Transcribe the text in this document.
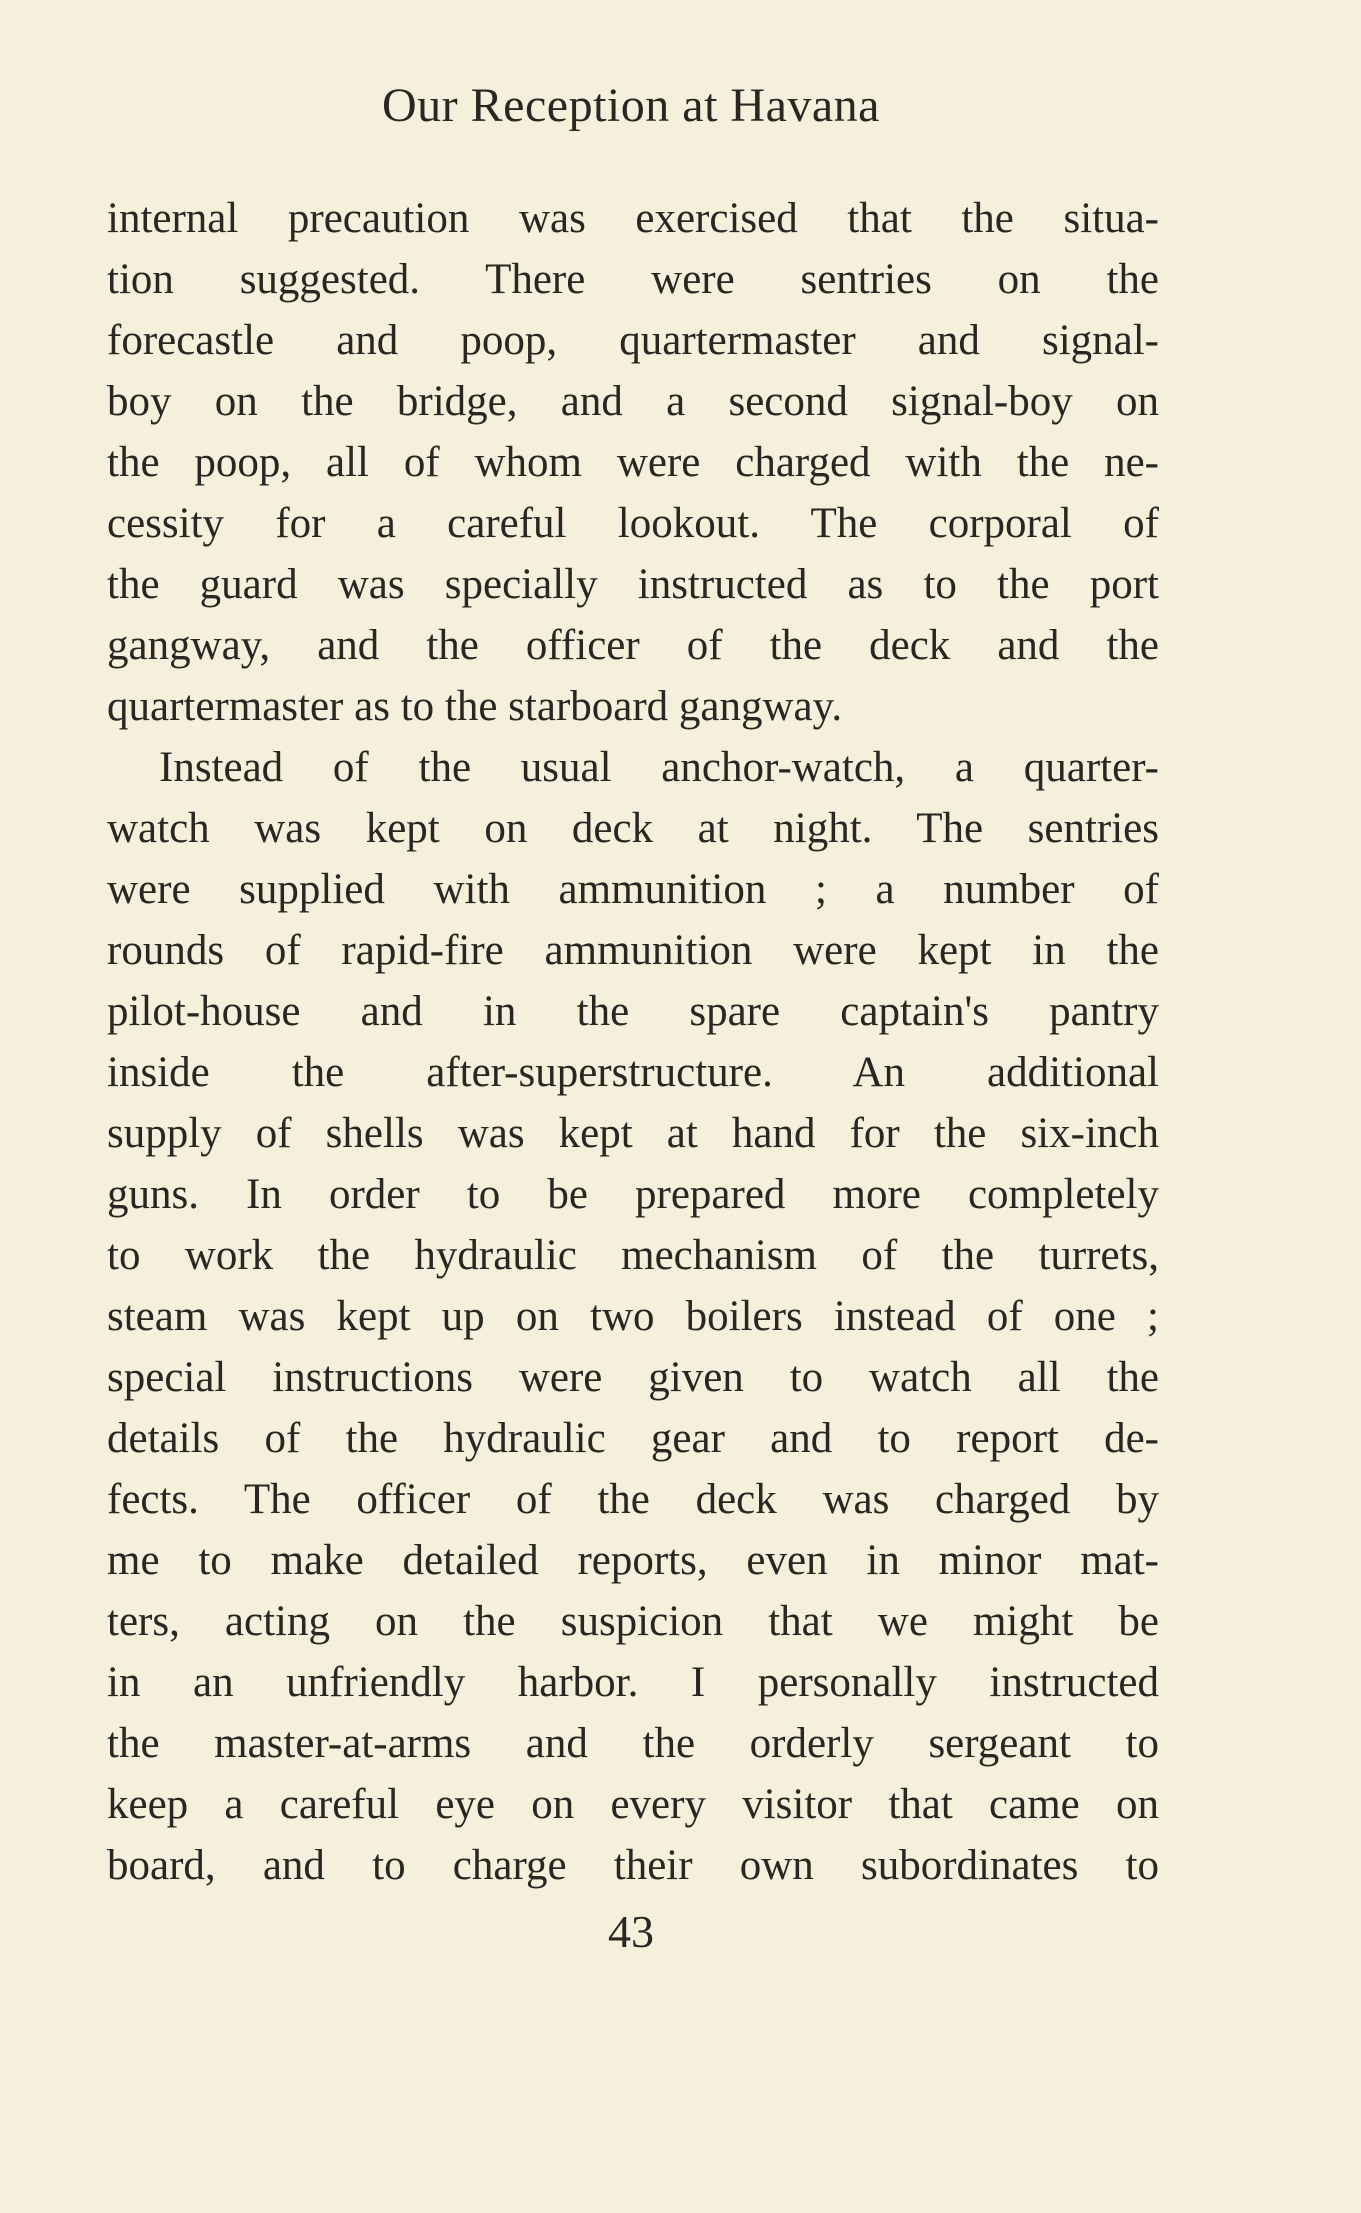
Our Reception at Havana
internal precaution was exercised that the situa-
tion suggested. There were sentries on the
forecastle and poop, quartermaster and signal-
boy on the bridge, and a second signal-boy on
the poop, all of whom were charged with the ne-
cessity for a careful lookout. The corporal of
the guard was specially instructed as to the port
gangway, and the officer of the deck and the
quartermaster as to the starboard gangway.
Instead of the usual anchor-watch, a quarter-
watch was kept on deck at night. The sentries
were supplied with ammunition ; a number of
rounds of rapid-fire ammunition were kept in the
pilot-house and in the spare captain's pantry
inside the after-superstructure. An additional
supply of shells was kept at hand for the six-inch
guns. In order to be prepared more completely
to work the hydraulic mechanism of the turrets,
steam was kept up on two boilers instead of one ;
special instructions were given to watch all the
details of the hydraulic gear and to report de-
fects. The officer of the deck was charged by
me to make detailed reports, even in minor mat-
ters, acting on the suspicion that we might be
in an unfriendly harbor. I personally instructed
the master-at-arms and the orderly sergeant to
keep a careful eye on every visitor that came on
board, and to charge their own subordinates to
43
